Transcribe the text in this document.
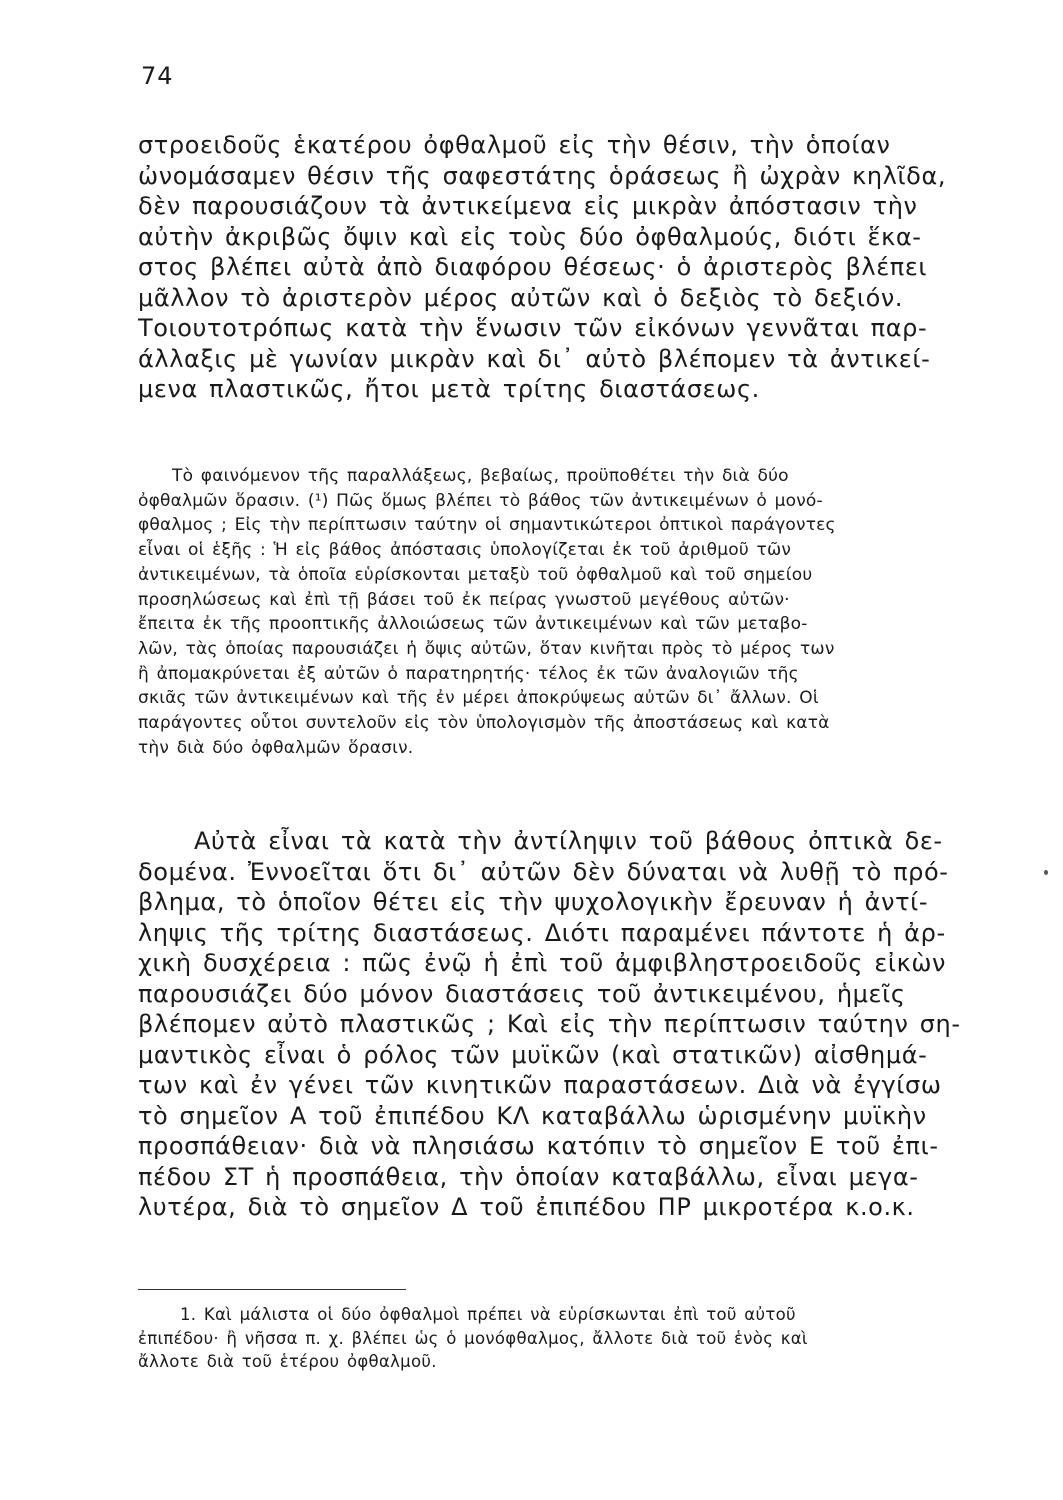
74
στροειδοῦς ἑκατέρου ὀφθαλμοῦ εἰς τὴν θέσιν, τὴν ὁποίαν
ὠνομάσαμεν θέσιν τῆς σαφεστάτης ὁράσεως ἢ ὠχρὰν κηλῖδα,
δὲν παρουσιάζουν τὰ ἀντικείμενα εἰς μικρὰν ἀπόστασιν τὴν
αὐτὴν ἀκριβῶς ὄψιν καὶ εἰς τοὺς δύο ὀφθαλμούς, διότι ἕκα-
στος βλέπει αὐτὰ ἀπὸ διαφόρου θέσεως· ὁ ἀριστερὸς βλέπει
μᾶλλον τὸ ἀριστερὸν μέρος αὐτῶν καὶ ὁ δεξιὸς τὸ δεξιόν.
Τοιουτοτρόπως κατὰ τὴν ἕνωσιν τῶν εἰκόνων γεννᾶται παρ-
άλλαξις μὲ γωνίαν μικρὰν καὶ δι᾽ αὐτὸ βλέπομεν τὰ ἀντικεί-
μενα πλαστικῶς, ἤτοι μετὰ τρίτης διαστάσεως.
Τὸ φαινόμενον τῆς παραλλάξεως, βεβαίως, προϋποθέτει τὴν διὰ δύο
ὀφθαλμῶν ὅρασιν. (¹) Πῶς ὅμως βλέπει τὸ βάθος τῶν ἀντικειμένων ὁ μονό-
φθαλμος ; Εἰς τὴν περίπτωσιν ταύτην οἱ σημαντικώτεροι ὀπτικοὶ παράγοντες
εἶναι οἱ ἑξῆς : Ἡ εἰς βάθος ἀπόστασις ὑπολογίζεται ἐκ τοῦ ἀριθμοῦ τῶν
ἀντικειμένων, τὰ ὁποῖα εὑρίσκονται μεταξὺ τοῦ ὀφθαλμοῦ καὶ τοῦ σημείου
προσηλώσεως καὶ ἐπὶ τῇ βάσει τοῦ ἐκ πείρας γνωστοῦ μεγέθους αὐτῶν·
ἔπειτα ἐκ τῆς προοπτικῆς ἀλλοιώσεως τῶν ἀντικειμένων καὶ τῶν μεταβο-
λῶν, τὰς ὁποίας παρουσιάζει ἡ ὄψις αὐτῶν, ὅταν κινῆται πρὸς τὸ μέρος των
ἢ ἀπομακρύνεται ἐξ αὐτῶν ὁ παρατηρητής· τέλος ἐκ τῶν ἀναλογιῶν τῆς
σκιᾶς τῶν ἀντικειμένων καὶ τῆς ἐν μέρει ἀποκρύψεως αὐτῶν δι᾽ ἄλλων. Οἱ
παράγοντες οὗτοι συντελοῦν εἰς τὸν ὑπολογισμὸν τῆς ἀποστάσεως καὶ κατὰ
τὴν διὰ δύο ὀφθαλμῶν ὅρασιν.
Αὐτὰ εἶναι τὰ κατὰ τὴν ἀντίληψιν τοῦ βάθους ὀπτικὰ δε-
δομένα. Ἐννοεῖται ὅτι δι᾽ αὐτῶν δὲν δύναται νὰ λυθῇ τὸ πρό-
βλημα, τὸ ὁποῖον θέτει εἰς τὴν ψυχολογικὴν ἔρευναν ἡ ἀντί-
ληψις τῆς τρίτης διαστάσεως. Διότι παραμένει πάντοτε ἡ ἀρ-
χικὴ δυσχέρεια : πῶς ἐνῷ ἡ ἐπὶ τοῦ ἀμφιβληστροειδοῦς εἰκὼν
παρουσιάζει δύο μόνον διαστάσεις τοῦ ἀντικειμένου, ἡμεῖς
βλέπομεν αὐτὸ πλαστικῶς ; Καὶ εἰς τὴν περίπτωσιν ταύτην ση-
μαντικὸς εἶναι ὁ ρόλος τῶν μυϊκῶν (καὶ στατικῶν) αἰσθημά-
των καὶ ἐν γένει τῶν κινητικῶν παραστάσεων. Διὰ νὰ ἐγγίσω
τὸ σημεῖον Α τοῦ ἐπιπέδου ΚΛ καταβάλλω ὡρισμένην μυϊκὴν
προσπάθειαν· διὰ νὰ πλησιάσω κατόπιν τὸ σημεῖον Ε τοῦ ἐπι-
πέδου ΣΤ ἡ προσπάθεια, τὴν ὁποίαν καταβάλλω, εἶναι μεγα-
λυτέρα, διὰ τὸ σημεῖον Δ τοῦ ἐπιπέδου ΠΡ μικροτέρα κ.ο.κ.
1. Καὶ μάλιστα οἱ δύο ὀφθαλμοὶ πρέπει νὰ εὑρίσκωνται ἐπὶ τοῦ αὐτοῦ
ἐπιπέδου· ἢ νῆσσα π. χ. βλέπει ὡς ὁ μονόφθαλμος, ἄλλοτε διὰ τοῦ ἑνὸς καὶ
ἄλλοτε διὰ τοῦ ἑτέρου ὀφθαλμοῦ.
